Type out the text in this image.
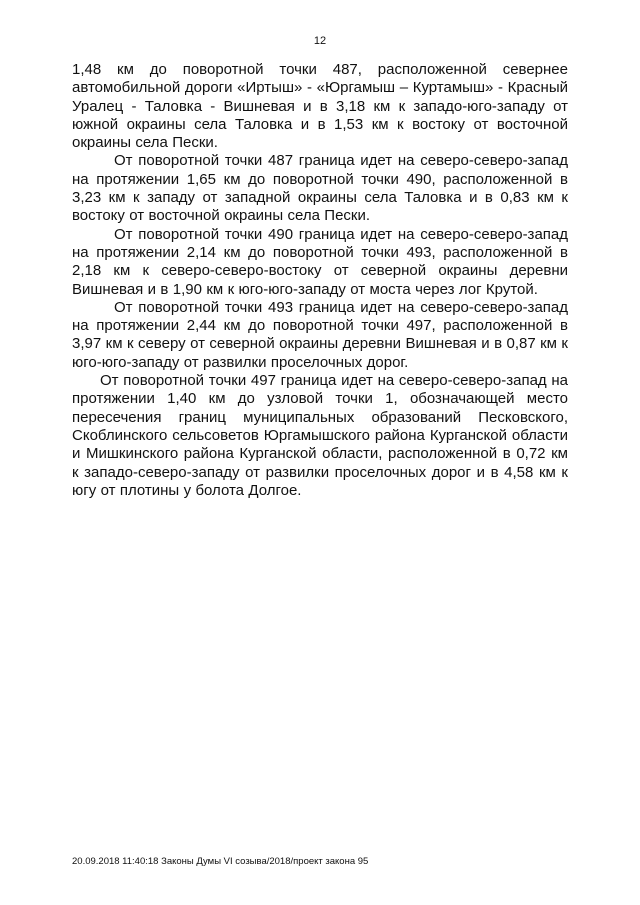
12

1,48 км до поворотной точки 487, расположенной севернее автомобильной дороги «Иртыш» - «Юргамыш – Куртамыш» - Красный Уралец - Таловка - Вишневая и в 3,18 км к западо-юго-западу от южной окраины села Таловка и в 1,53 км к востоку от восточной окраины села Пески.

От поворотной точки 487 граница идет на северо-северо-запад на протяжении 1,65 км до поворотной точки 490, расположенной в 3,23 км к западу от западной окраины села Таловка и в 0,83 км к востоку от восточной окраины села Пески.

От поворотной точки 490 граница идет на северо-северо-запад на протяжении 2,14 км до поворотной точки 493, расположенной в 2,18 км к северо-северо-востоку от северной окраины деревни Вишневая и в 1,90 км к юго-юго-западу от моста через лог Крутой.

От поворотной точки 493 граница идет на северо-северо-запад на протяжении 2,44 км до поворотной точки 497, расположенной в 3,97 км к северу от северной окраины деревни Вишневая и в 0,87 км к юго-юго-западу от развилки проселочных дорог.

От поворотной точки 497 граница идет на северо-северо-запад на протяжении 1,40 км до узловой точки 1, обозначающей место пересечения границ муниципальных образований Песковского, Скоблинского сельсоветов Юргамышского района Курганской области и Мишкинского района Курганской области, расположенной в 0,72 км к западо-северо-западу от развилки проселочных дорог и в 4,58 км к югу от плотины у болота Долгое.

20.09.2018 11:40:18 Законы Думы VI созыва/2018/проект закона 95
